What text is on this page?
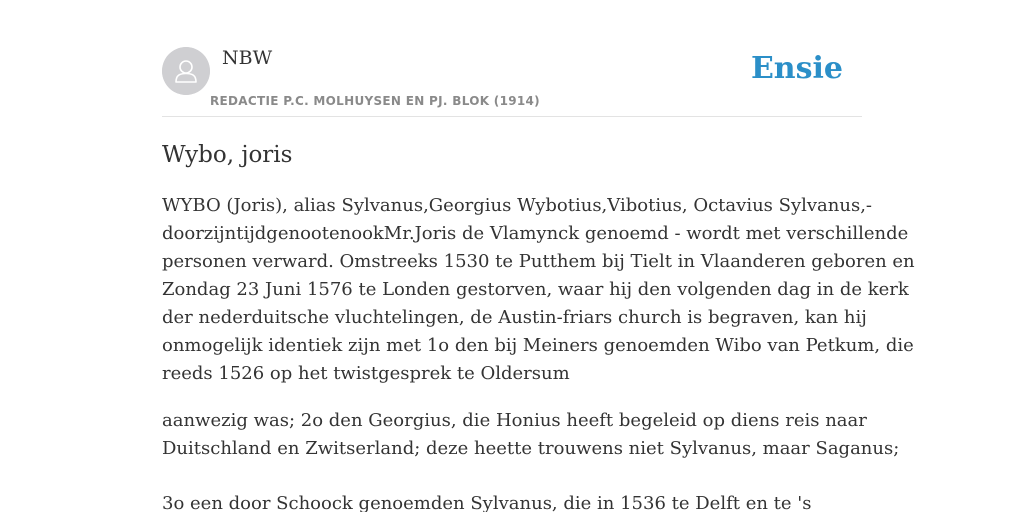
NBW
REDACTIE P.C. MOLHUYSEN EN PJ. BLOK (1914)
Ensie
Wybo, joris

WYBO (Joris), alias Sylvanus,Georgius Wybotius,Vibotius, Octavius Sylvanus,-
doorzijntijdgenootenookMr.Joris de Vlamynck genoemd - wordt met verschillende
personen verward. Omstreeks 1530 te Putthem bij Tielt in Vlaanderen geboren en
Zondag 23 Juni 1576 te Londen gestorven, waar hij den volgenden dag in de kerk
der nederduitsche vluchtelingen, de Austin-friars church is begraven, kan hij
onmogelijk identiek zijn met 1o den bij Meiners genoemden Wibo van Petkum, die
reeds 1526 op het twistgesprek te Oldersum

aanwezig was; 2o den Georgius, die Honius heeft begeleid op diens reis naar
Duitschland en Zwitserland; deze heette trouwens niet Sylvanus, maar Saganus;

3o een door Schoock genoemden Sylvanus, die in 1536 te Delft en te 's
